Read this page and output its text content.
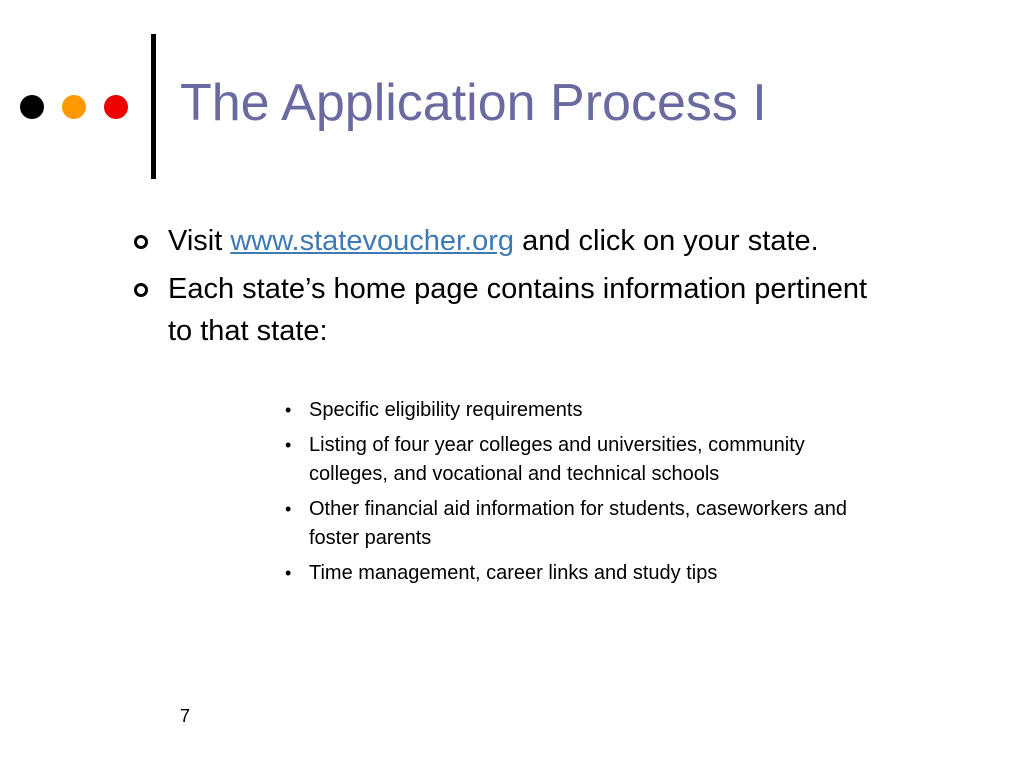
The Application Process I
Visit www.statevoucher.org and click on your state.
Each state’s home page contains information pertinent to that state:
• Specific eligibility requirements
• Listing of four year colleges and universities, community colleges, and vocational and technical schools
• Other financial aid information for students, caseworkers and foster parents
• Time management, career links and study tips
7
